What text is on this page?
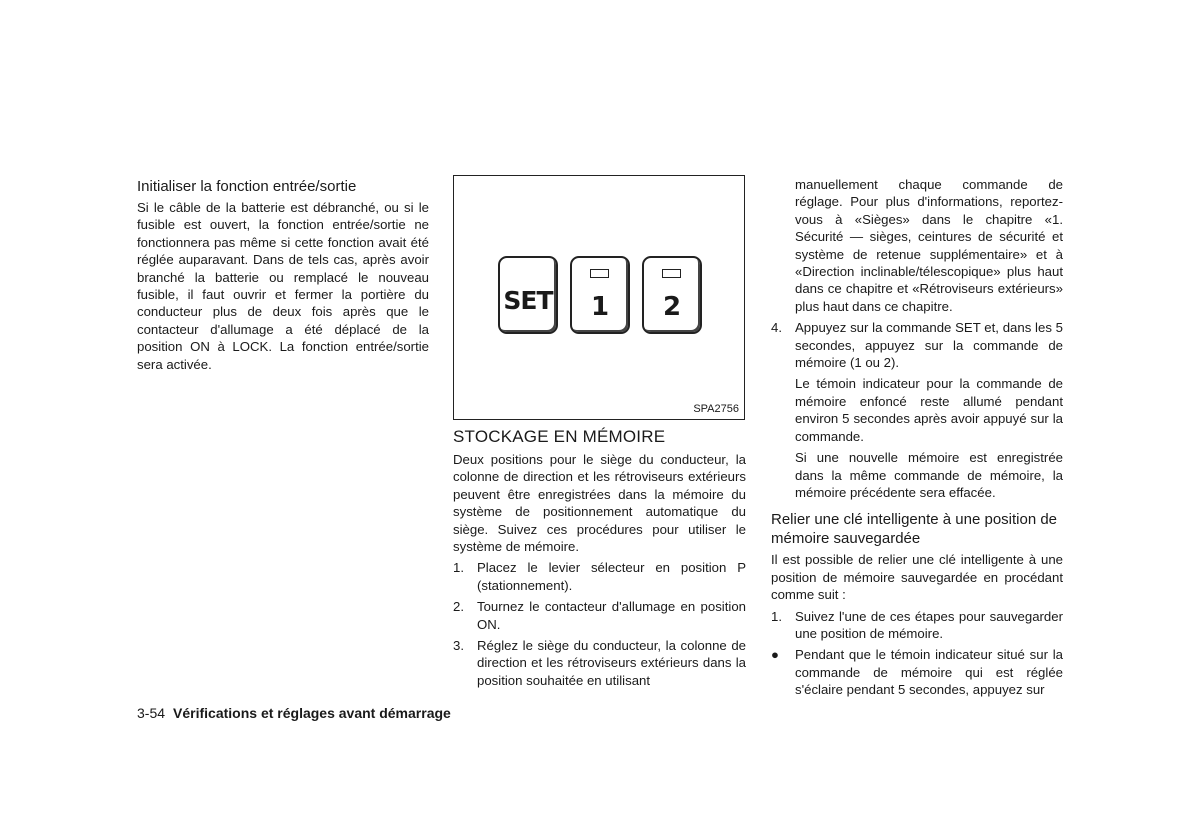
Initialiser la fonction entrée/sortie

Si le câble de la batterie est débranché, ou si le fusible est ouvert, la fonction entrée/sortie ne fonctionnera pas même si cette fonction avait été réglée auparavant. Dans de tels cas, après avoir branché la batterie ou remplacé le nouveau fusible, il faut ouvrir et fermer la portière du conducteur plus de deux fois après que le contacteur d'allumage a été déplacé de la position ON à LOCK. La fonction entrée/sortie sera activée.

SET	1	2
SPA2756
STOCKAGE EN MÉMOIRE

Deux positions pour le siège du conducteur, la colonne de direction et les rétroviseurs extérieurs peuvent être enregistrées dans la mémoire du système de positionnement automatique du siège. Suivez ces procédures pour utiliser le système de mémoire.

1. Placez le levier sélecteur en position P (stationnement).
2. Tournez le contacteur d'allumage en position ON.
3. Réglez le siège du conducteur, la colonne de direction et les rétroviseurs extérieurs dans la position souhaitée en utilisant

manuellement chaque commande de réglage. Pour plus d'informations, reportez-vous à «Sièges» dans le chapitre «1. Sécurité — sièges, ceintures de sécurité et système de retenue supplémentaire» et à «Direction inclinable/télescopique» plus haut dans ce chapitre et «Rétroviseurs extérieurs» plus haut dans ce chapitre.

4. Appuyez sur la commande SET et, dans les 5 secondes, appuyez sur la commande de mémoire (1 ou 2).

Le témoin indicateur pour la commande de mémoire enfoncé reste allumé pendant environ 5 secondes après avoir appuyé sur la commande.

Si une nouvelle mémoire est enregistrée dans la même commande de mémoire, la mémoire précédente sera effacée.

Relier une clé intelligente à une position de mémoire sauvegardée

Il est possible de relier une clé intelligente à une position de mémoire sauvegardée en procédant comme suit :

1. Suivez l'une de ces étapes pour sauvegarder une position de mémoire.
● Pendant que le témoin indicateur situé sur la commande de mémoire qui est réglée s'éclaire pendant 5 secondes, appuyez sur
3-54 Vérifications et réglages avant démarrage
